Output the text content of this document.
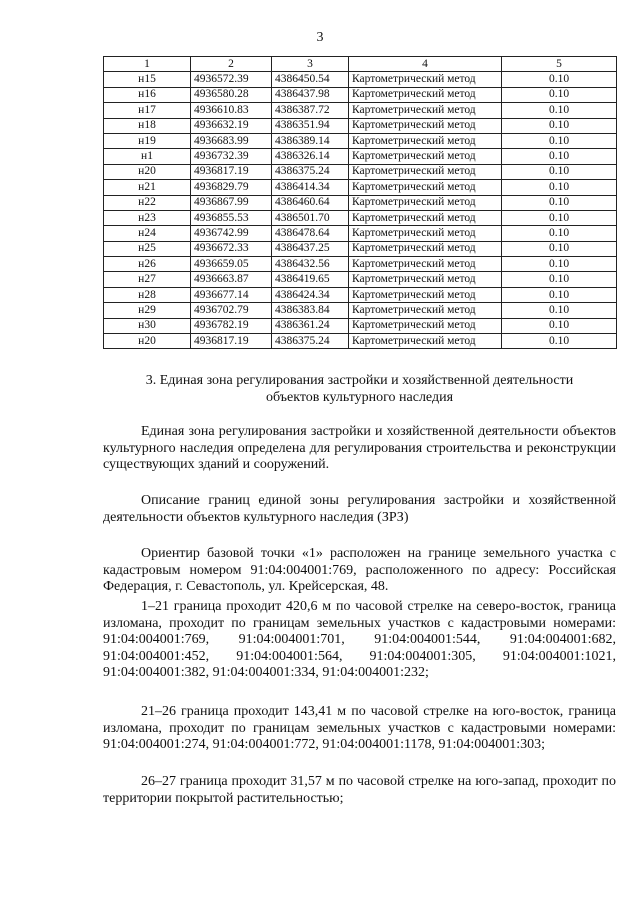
3
1	2	3	4	5
н15	4936572.39	4386450.54	Картометрический метод	0.10
н16	4936580.28	4386437.98	Картометрический метод	0.10
н17	4936610.83	4386387.72	Картометрический метод	0.10
н18	4936632.19	4386351.94	Картометрический метод	0.10
н19	4936683.99	4386389.14	Картометрический метод	0.10
н1	4936732.39	4386326.14	Картометрический метод	0.10
н20	4936817.19	4386375.24	Картометрический метод	0.10
н21	4936829.79	4386414.34	Картометрический метод	0.10
н22	4936867.99	4386460.64	Картометрический метод	0.10
н23	4936855.53	4386501.70	Картометрический метод	0.10
н24	4936742.99	4386478.64	Картометрический метод	0.10
н25	4936672.33	4386437.25	Картометрический метод	0.10
н26	4936659.05	4386432.56	Картометрический метод	0.10
н27	4936663.87	4386419.65	Картометрический метод	0.10
н28	4936677.14	4386424.34	Картометрический метод	0.10
н29	4936702.79	4386383.84	Картометрический метод	0.10
н30	4936782.19	4386361.24	Картометрический метод	0.10
н20	4936817.19	4386375.24	Картометрический метод	0.10

3. Единая зона регулирования застройки и хозяйственной деятельности

объектов культурного наследия

Единая зона регулирования застройки и хозяйственной деятельности объектов культурного наследия определена для регулирования строительства и реконструкции существующих зданий и сооружений.

Описание границ единой зоны регулирования застройки и хозяйственной деятельности объектов культурного наследия (ЗРЗ)

Ориентир базовой точки «1» расположен на границе земельного участка с кадастровым номером 91:04:004001:769, расположенного по адресу: Российская Федерация, г. Севастополь, ул. Крейсерская, 48.

1–21 граница проходит 420,6 м по часовой стрелке на северо-восток, граница изломана, проходит по границам земельных участков с кадастровыми номерами: 91:04:004001:769, 91:04:004001:701, 91:04:004001:544, 91:04:004001:682, 91:04:004001:452, 91:04:004001:564, 91:04:004001:305, 91:04:004001:1021, 91:04:004001:382, 91:04:004001:334, 91:04:004001:232;

21–26 граница проходит 143,41 м по часовой стрелке на юго-восток, граница изломана, проходит по границам земельных участков с кадастровыми номерами: 91:04:004001:274, 91:04:004001:772, 91:04:004001:1178, 91:04:004001:303;

26–27 граница проходит 31,57 м по часовой стрелке на юго-запад, проходит по территории покрытой растительностью;
